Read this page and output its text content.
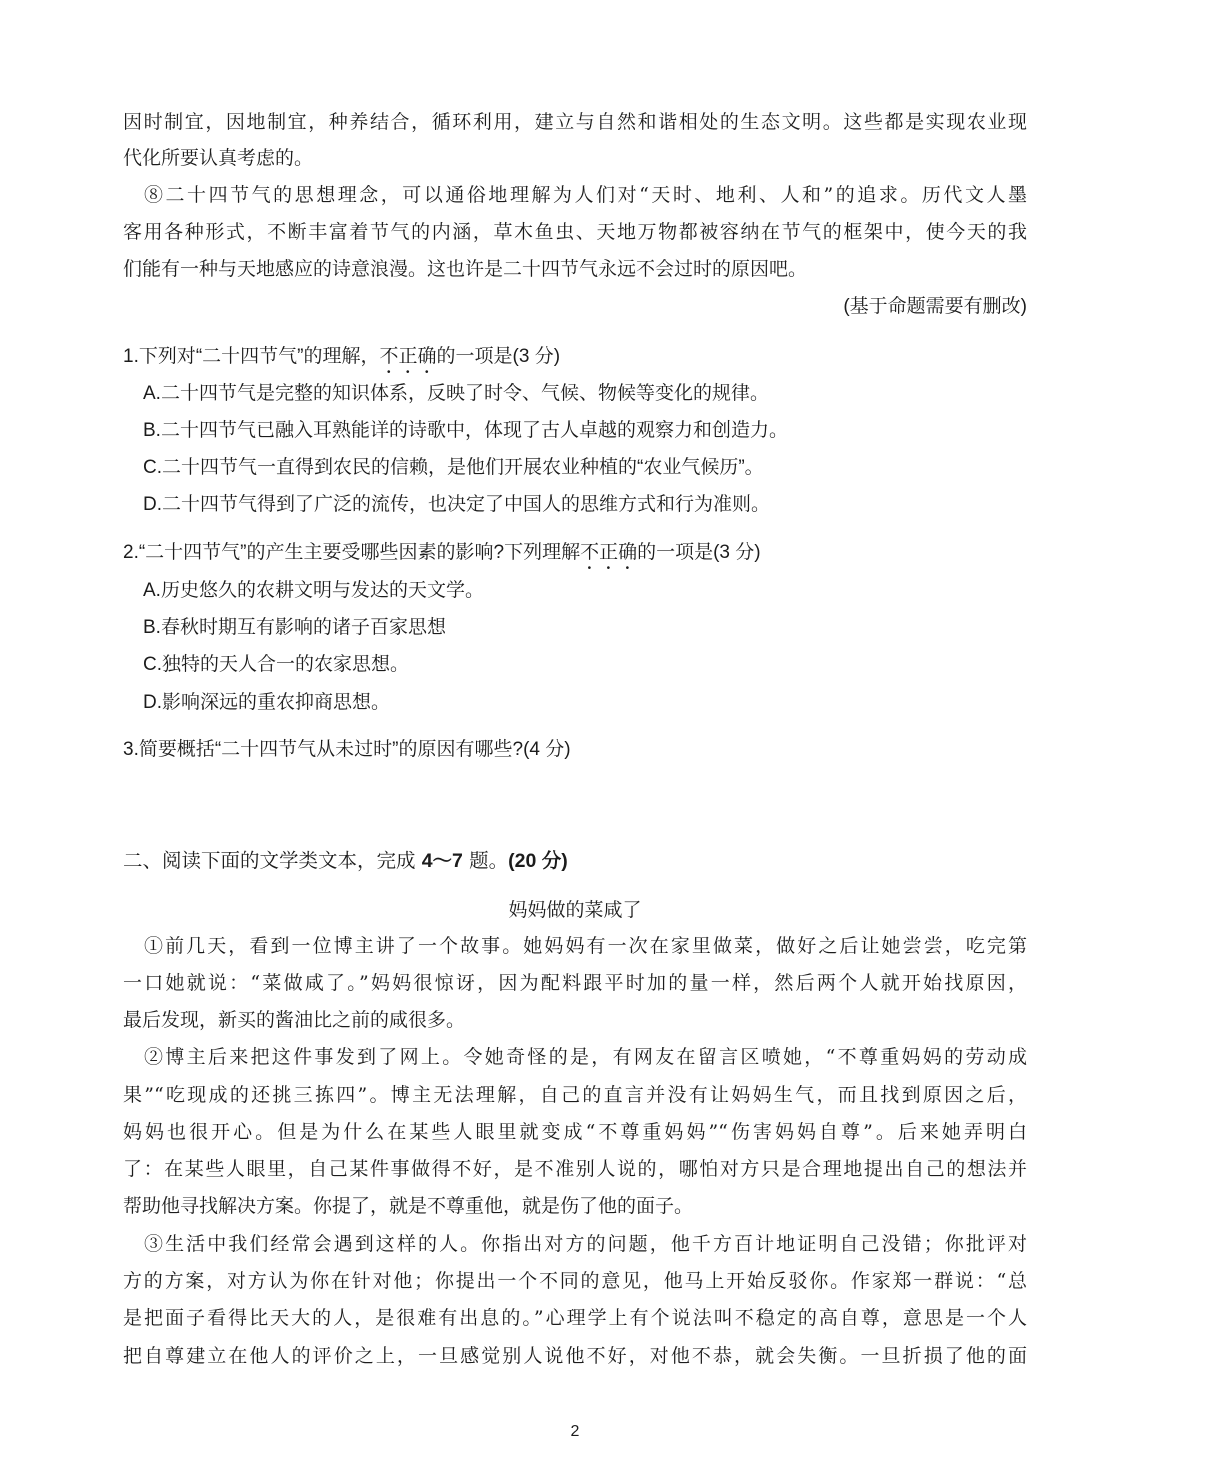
因时制宜，因地制宜，种养结合，循环利用，建立与自然和谐相处的生态文明。这些都是实现农业现
代化所要认真考虑的。
⑧二十四节气的思想理念，可以通俗地理解为人们对“天时、地利、人和”的追求。历代文人墨
客用各种形式，不断丰富着节气的内涵，草木鱼虫、天地万物都被容纳在节气的框架中，使今天的我
们能有一种与天地感应的诗意浪漫。这也许是二十四节气永远不会过时的原因吧。
(基于命题需要有删改)
1.下列对“二十四节气”的理解，不正确的一项是(3 分)
A.二十四节气是完整的知识体系，反映了时令、气候、物候等变化的规律。
B.二十四节气已融入耳熟能详的诗歌中，体现了古人卓越的观察力和创造力。
C.二十四节气一直得到农民的信赖，是他们开展农业种植的“农业气候历”。
D.二十四节气得到了广泛的流传，也决定了中国人的思维方式和行为准则。
2.“二十四节气”的产生主要受哪些因素的影响?下列理解不正确的一项是(3 分)
A.历史悠久的农耕文明与发达的天文学。
B.春秋时期互有影响的诸子百家思想
C.独特的天人合一的农家思想。
D.影响深远的重农抑商思想。
3.简要概括“二十四节气从未过时”的原因有哪些?(4 分)
二、阅读下面的文学类文本，完成 4～7 题。(20 分)
妈妈做的菜咸了
①前几天，看到一位博主讲了一个故事。她妈妈有一次在家里做菜，做好之后让她尝尝，吃完第
一口她就说：“菜做咸了。”妈妈很惊讶，因为配料跟平时加的量一样，然后两个人就开始找原因，
最后发现，新买的酱油比之前的咸很多。
②博主后来把这件事发到了网上。令她奇怪的是，有网友在留言区喷她，“不尊重妈妈的劳动成
果”“吃现成的还挑三拣四”。博主无法理解，自己的直言并没有让妈妈生气，而且找到原因之后，
妈妈也很开心。但是为什么在某些人眼里就变成“不尊重妈妈”“伤害妈妈自尊”。后来她弄明白
了：在某些人眼里，自己某件事做得不好，是不准别人说的，哪怕对方只是合理地提出自己的想法并
帮助他寻找解决方案。你提了，就是不尊重他，就是伤了他的面子。
③生活中我们经常会遇到这样的人。你指出对方的问题，他千方百计地证明自己没错；你批评对
方的方案，对方认为你在针对他；你提出一个不同的意见，他马上开始反驳你。作家郑一群说：“总
是把面子看得比天大的人，是很难有出息的。”心理学上有个说法叫不稳定的高自尊，意思是一个人
把自尊建立在他人的评价之上，一旦感觉别人说他不好，对他不恭，就会失衡。一旦折损了他的面
2
